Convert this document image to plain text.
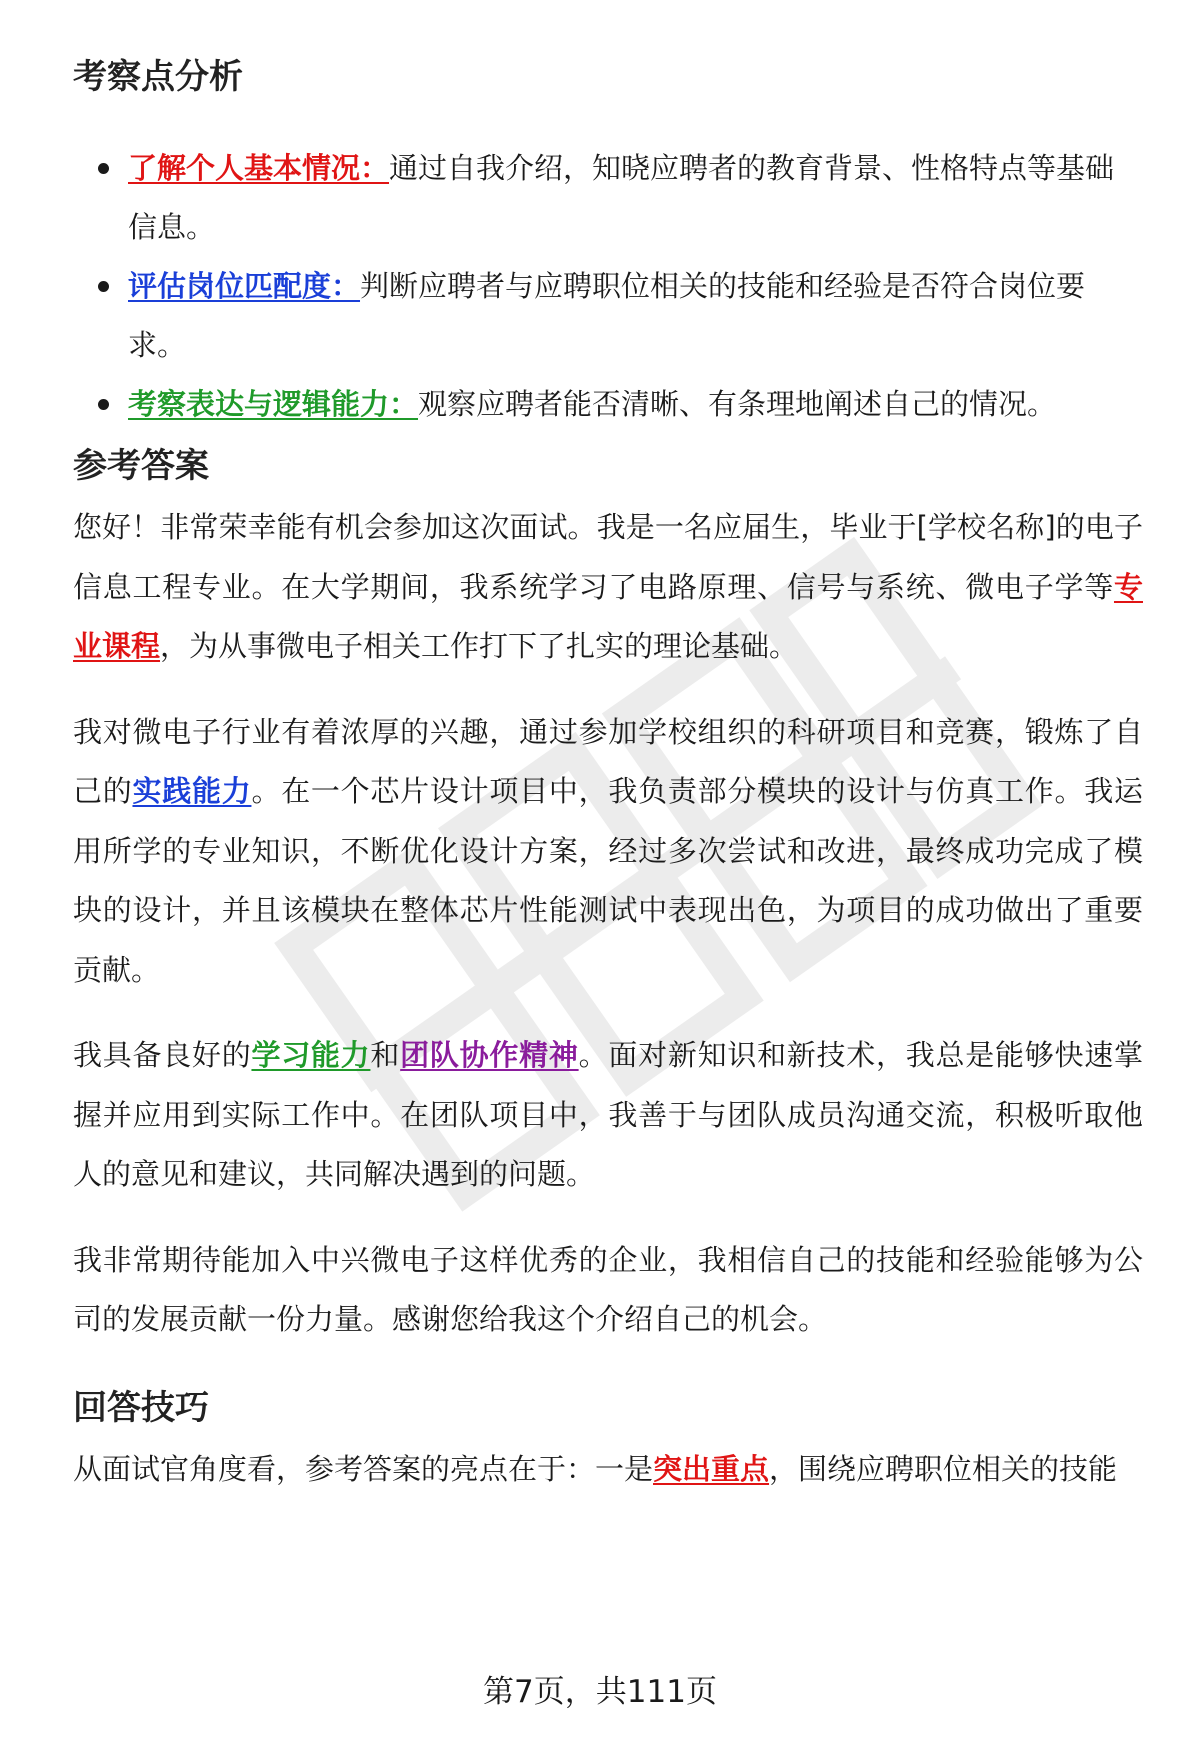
考察点分析
了解个人基本情况：通过自我介绍，知晓应聘者的教育背景、性格特点等基础信息。
评估岗位匹配度：判断应聘者与应聘职位相关的技能和经验是否符合岗位要求。
考察表达与逻辑能力：观察应聘者能否清晰、有条理地阐述自己的情况。
参考答案

您好！非常荣幸能有机会参加这次面试。我是一名应届生，毕业于[学校名称]的电子信息工程专业。在大学期间，我系统学习了电路原理、信号与系统、微电子学等专业课程，为从事微电子相关工作打下了扎实的理论基础。

我对微电子行业有着浓厚的兴趣，通过参加学校组织的科研项目和竞赛，锻炼了自己的实践能力。在一个芯片设计项目中，我负责部分模块的设计与仿真工作。我运用所学的专业知识，不断优化设计方案，经过多次尝试和改进，最终成功完成了模块的设计，并且该模块在整体芯片性能测试中表现出色，为项目的成功做出了重要贡献。

我具备良好的学习能力和团队协作精神。面对新知识和新技术，我总是能够快速掌握并应用到实际工作中。在团队项目中，我善于与团队成员沟通交流，积极听取他人的意见和建议，共同解决遇到的问题。

我非常期待能加入中兴微电子这样优秀的企业，我相信自己的技能和经验能够为公司的发展贡献一份力量。感谢您给我这个介绍自己的机会。

回答技巧

从面试官角度看，参考答案的亮点在于：一是突出重点，围绕应聘职位相关的技能

第7页，共111页
